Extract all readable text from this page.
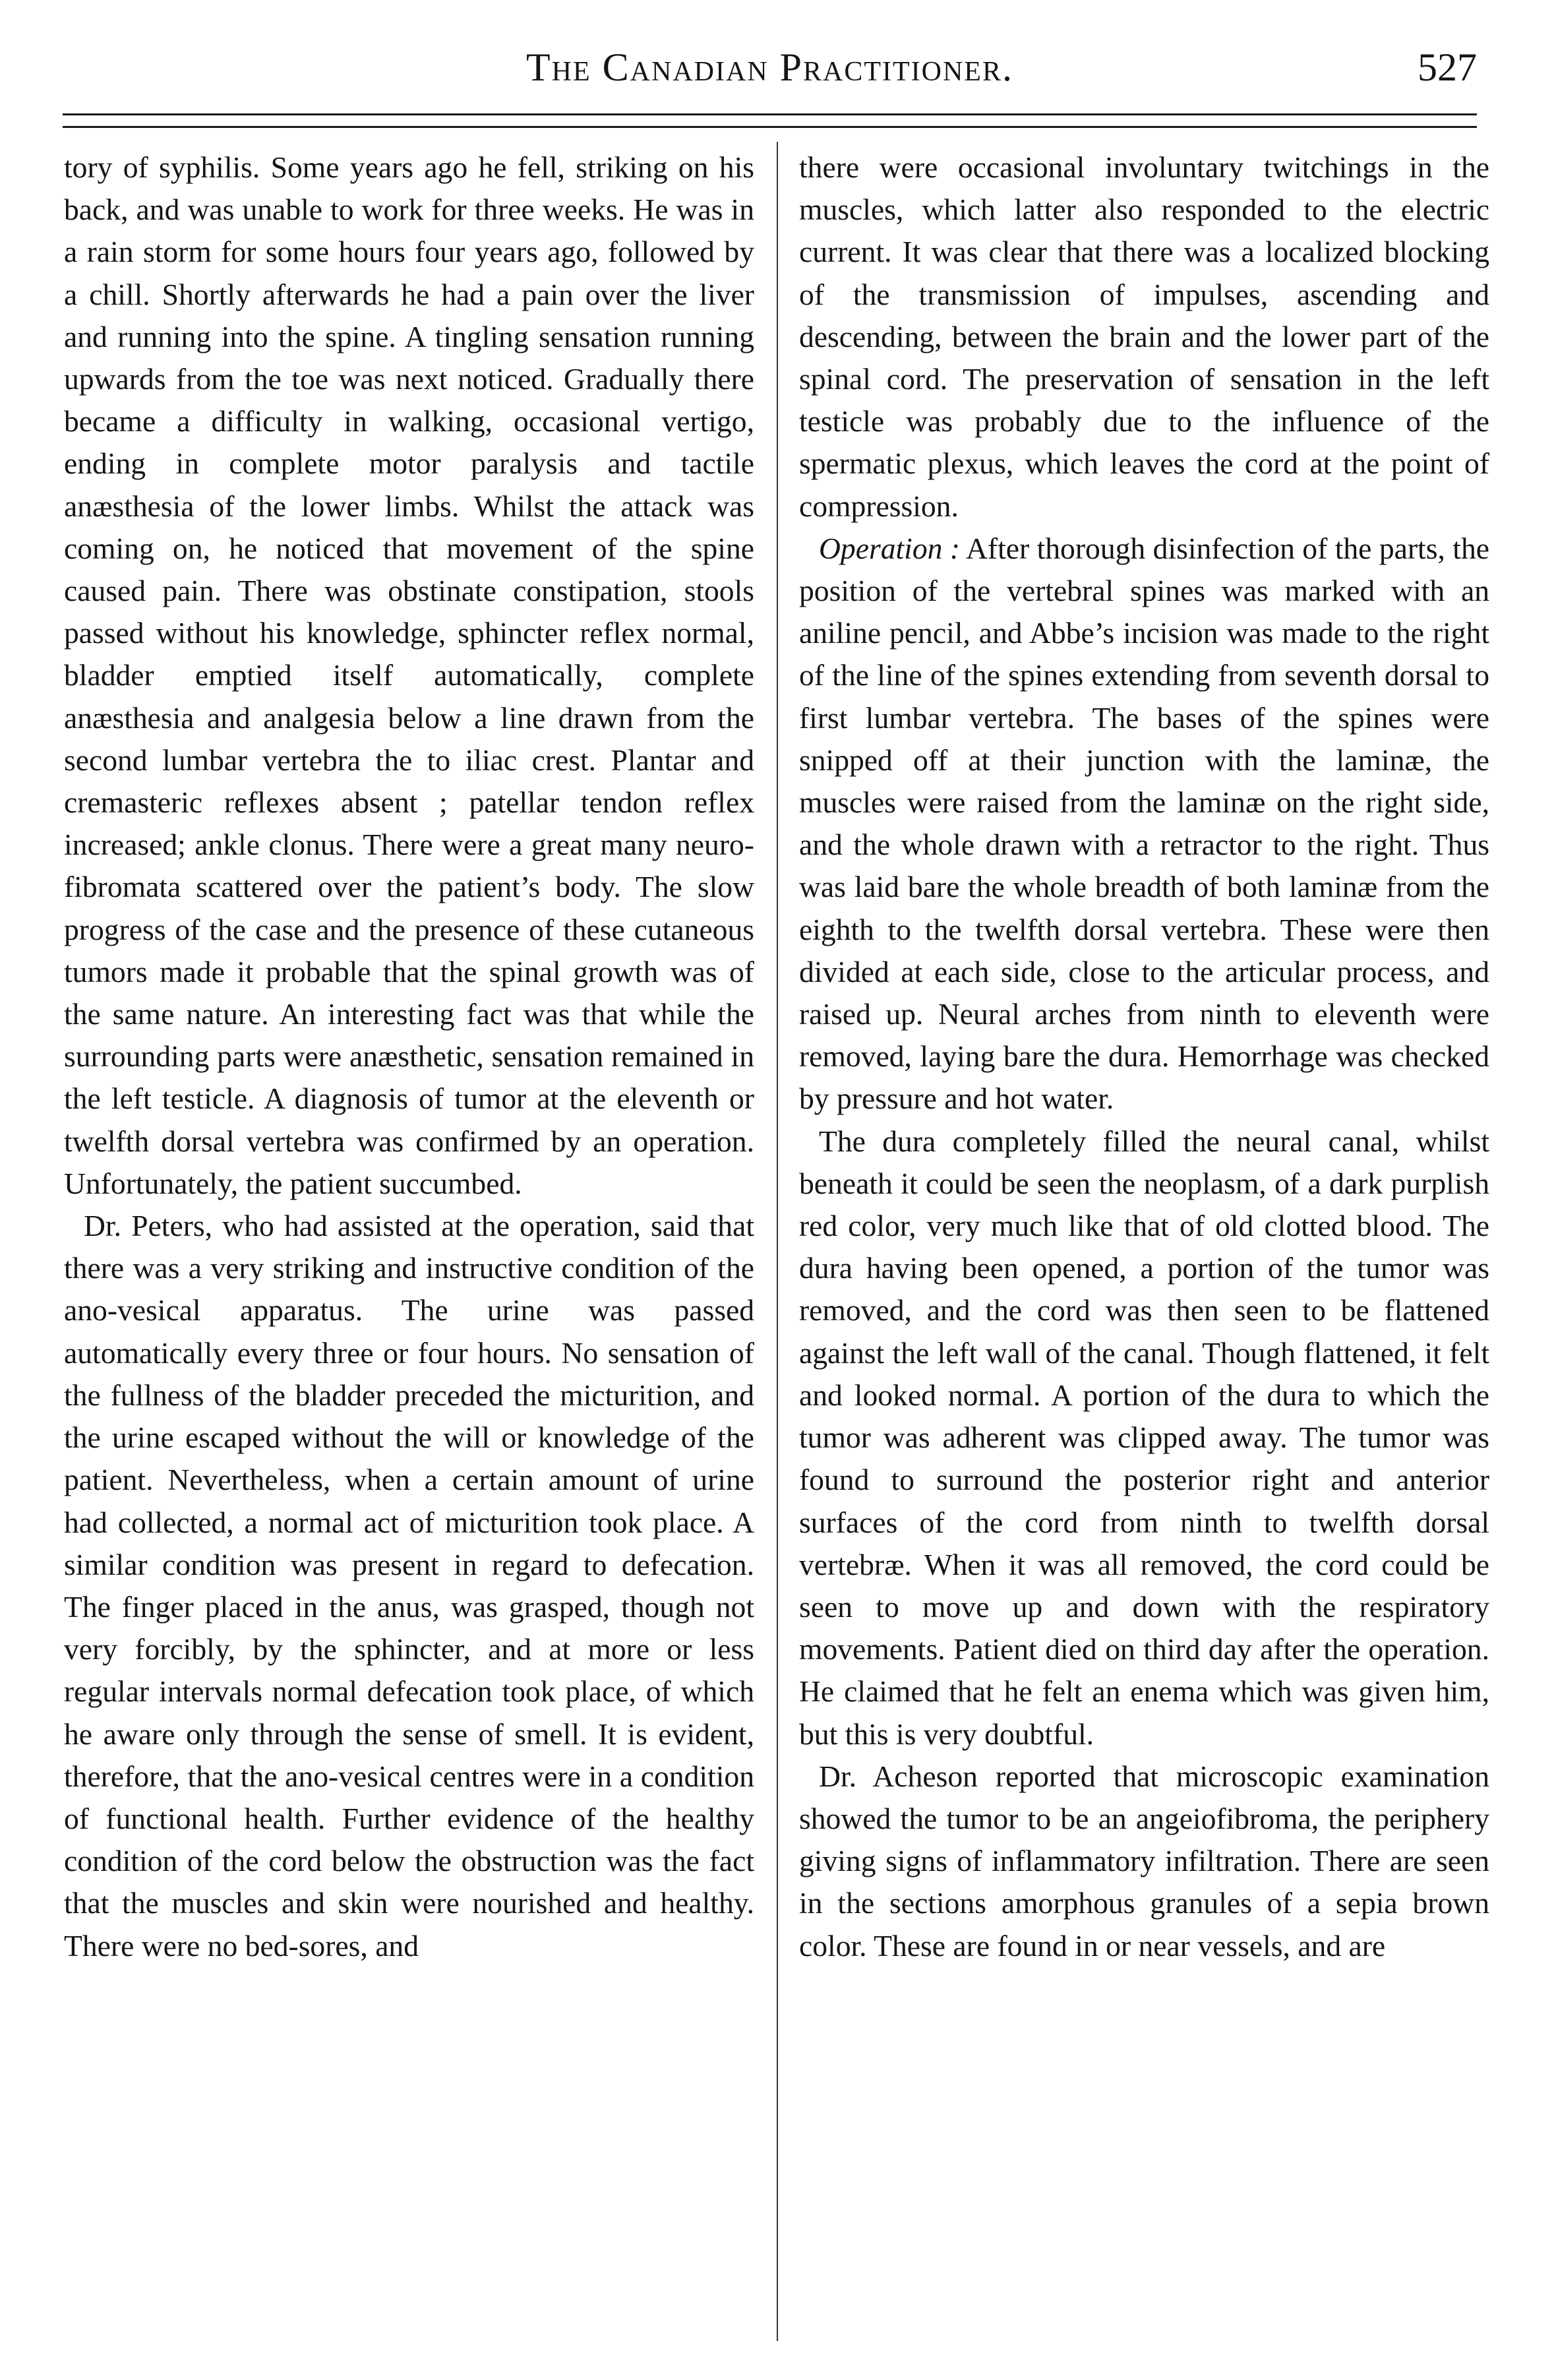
The Canadian Practitioner.	527

tory of syphilis. Some years ago he fell, striking on his back, and was unable to work for three weeks. He was in a rain storm for some hours four years ago, followed by a chill. Shortly afterwards he had a pain over the liver and running into the spine. A tingling sensation running upwards from the toe was next noticed. Gradually there became a difficulty in walking, occasional vertigo, ending in complete motor paralysis and tactile anæsthesia of the lower limbs. Whilst the attack was coming on, he noticed that movement of the spine caused pain. There was obstinate constipation, stools passed without his knowledge, sphincter reflex normal, bladder emptied itself automatically, complete anæsthesia and analgesia below a line drawn from the second lumbar vertebra the to iliac crest. Plantar and cremasteric reflexes absent ; patellar tendon reflex increased; ankle clonus. There were a great many neuro-fibromata scattered over the patient’s body. The slow progress of the case and the presence of these cutaneous tumors made it probable that the spinal growth was of the same nature. An interesting fact was that while the surrounding parts were anæsthetic, sensation remained in the left testicle. A diagnosis of tumor at the eleventh or twelfth dorsal vertebra was confirmed by an operation. Unfortunately, the patient succumbed.

Dr. Peters, who had assisted at the operation, said that there was a very striking and instructive condition of the ano-vesical apparatus. The urine was passed automatically every three or four hours. No sensation of the fullness of the bladder preceded the micturition, and the urine escaped without the will or knowledge of the patient. Nevertheless, when a certain amount of urine had collected, a normal act of micturition took place. A similar condition was present in regard to defecation. The finger placed in the anus, was grasped, though not very forcibly, by the sphincter, and at more or less regular intervals normal defecation took place, of which he aware only through the sense of smell. It is evident, therefore, that the ano-vesical centres were in a condition of functional health. Further evidence of the healthy condition of the cord below the obstruction was the fact that the muscles and skin were nourished and healthy. There were no bed-sores, and

there were occasional involuntary twitchings in the muscles, which latter also responded to the electric current. It was clear that there was a localized blocking of the transmission of impulses, ascending and descending, between the brain and the lower part of the spinal cord. The preservation of sensation in the left testicle was probably due to the influence of the spermatic plexus, which leaves the cord at the point of compression.

Operation : After thorough disinfection of the parts, the position of the vertebral spines was marked with an aniline pencil, and Abbe’s incision was made to the right of the line of the spines extending from seventh dorsal to first lumbar vertebra. The bases of the spines were snipped off at their junction with the laminæ, the muscles were raised from the laminæ on the right side, and the whole drawn with a retractor to the right. Thus was laid bare the whole breadth of both laminæ from the eighth to the twelfth dorsal vertebra. These were then divided at each side, close to the articular process, and raised up. Neural arches from ninth to eleventh were removed, laying bare the dura. Hemorrhage was checked by pressure and hot water.

The dura completely filled the neural canal, whilst beneath it could be seen the neoplasm, of a dark purplish red color, very much like that of old clotted blood. The dura having been opened, a portion of the tumor was removed, and the cord was then seen to be flattened against the left wall of the canal. Though flattened, it felt and looked normal. A portion of the dura to which the tumor was adherent was clipped away. The tumor was found to surround the posterior right and anterior surfaces of the cord from ninth to twelfth dorsal vertebræ. When it was all removed, the cord could be seen to move up and down with the respiratory movements. Patient died on third day after the operation. He claimed that he felt an enema which was given him, but this is very doubtful.

Dr. Acheson reported that microscopic examination showed the tumor to be an angeiofibroma, the periphery giving signs of inflammatory infiltration. There are seen in the sections amorphous granules of a sepia brown color. These are found in or near vessels, and are
